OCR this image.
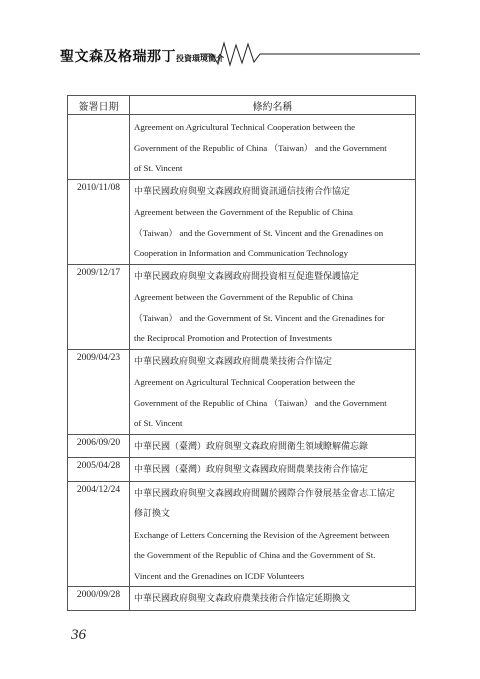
聖文森及格瑞那丁投資環境簡介
簽署日期	條約名稱

	Agreement on Agricultural Technical Cooperation between the
Government of the Republic of China （Taiwan） and the Government
of St. Vincent

2010/11/08	中華民國政府與聖文森國政府間資訊通信技術合作協定
Agreement between the Government of the Republic of China
（Taiwan） and the Government of St. Vincent and the Grenadines on
Cooperation in Information and Communication Technology

2009/12/17	中華民國政府與聖文森國政府間投資相互促進暨保護協定
Agreement between the Government of the Republic of China
（Taiwan） and the Government of St. Vincent and the Grenadines for
the Reciprocal Promotion and Protection of Investments

2009/04/23	中華民國政府與聖文森國政府間農業技術合作協定
Agreement on Agricultural Technical Cooperation between the
Government of the Republic of China （Taiwan） and the Government
of St. Vincent

2006/09/20	中華民國（臺灣）政府與聖文森政府間衛生領域瞭解備忘錄

2005/04/28	中華民國（臺灣）政府與聖文森國政府間農業技術合作協定

2004/12/24	中華民國政府與聖文森國政府間關於國際合作發展基金會志工協定
修訂換文
Exchange of Letters Concerning the Revision of the Agreement between
the Government of the Republic of China and the Government of St.
Vincent and the Grenadines on ICDF Volunteers

2000/09/28	中華民國政府與聖文森政府農業技術合作協定延期換文
36
